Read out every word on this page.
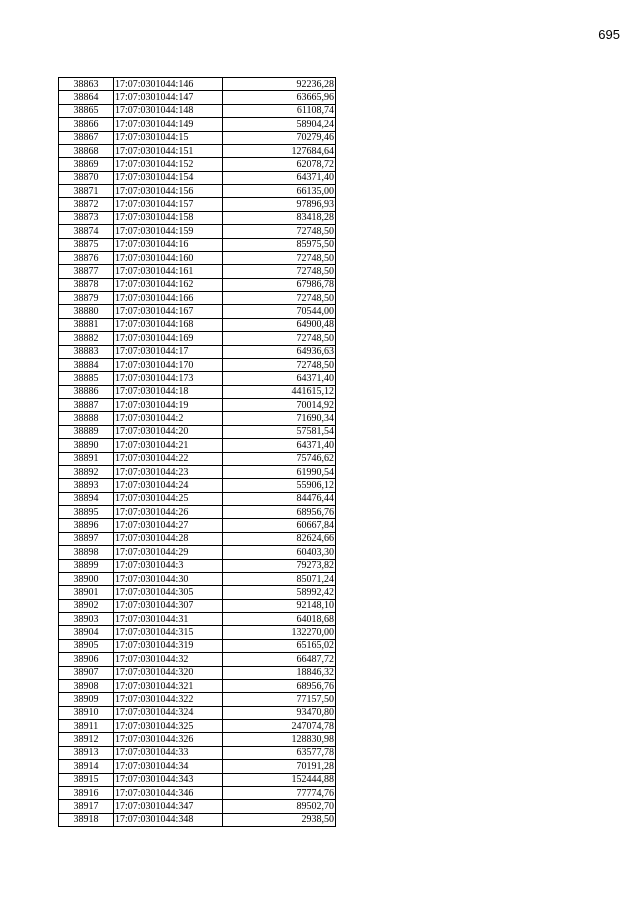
695
38863	17:07:0301044:146	92236,28
38864	17:07:0301044:147	63665,96
38865	17:07:0301044:148	61108,74
38866	17:07:0301044:149	58904,24
38867	17:07:0301044:15	70279,46
38868	17:07:0301044:151	127684,64
38869	17:07:0301044:152	62078,72
38870	17:07:0301044:154	64371,40
38871	17:07:0301044:156	66135,00
38872	17:07:0301044:157	97896,93
38873	17:07:0301044:158	83418,28
38874	17:07:0301044:159	72748,50
38875	17:07:0301044:16	85975,50
38876	17:07:0301044:160	72748,50
38877	17:07:0301044:161	72748,50
38878	17:07:0301044:162	67986,78
38879	17:07:0301044:166	72748,50
38880	17:07:0301044:167	70544,00
38881	17:07:0301044:168	64900,48
38882	17:07:0301044:169	72748,50
38883	17:07:0301044:17	64936,63
38884	17:07:0301044:170	72748,50
38885	17:07:0301044:173	64371,40
38886	17:07:0301044:18	441615,12
38887	17:07:0301044:19	70014,92
38888	17:07:0301044:2	71690,34
38889	17:07:0301044:20	57581,54
38890	17:07:0301044:21	64371,40
38891	17:07:0301044:22	75746,62
38892	17:07:0301044:23	61990,54
38893	17:07:0301044:24	55906,12
38894	17:07:0301044:25	84476,44
38895	17:07:0301044:26	68956,76
38896	17:07:0301044:27	60667,84
38897	17:07:0301044:28	82624,66
38898	17:07:0301044:29	60403,30
38899	17:07:0301044:3	79273,82
38900	17:07:0301044:30	85071,24
38901	17:07:0301044:305	58992,42
38902	17:07:0301044:307	92148,10
38903	17:07:0301044:31	64018,68
38904	17:07:0301044:315	132270,00
38905	17:07:0301044:319	65165,02
38906	17:07:0301044:32	66487,72
38907	17:07:0301044:320	18846,32
38908	17:07:0301044:321	68956,76
38909	17:07:0301044:322	77157,50
38910	17:07:0301044:324	93470,80
38911	17:07:0301044:325	247074,78
38912	17:07:0301044:326	128830,98
38913	17:07:0301044:33	63577,78
38914	17:07:0301044:34	70191,28
38915	17:07:0301044:343	152444,88
38916	17:07:0301044:346	77774,76
38917	17:07:0301044:347	89502,70
38918	17:07:0301044:348	2938,50
